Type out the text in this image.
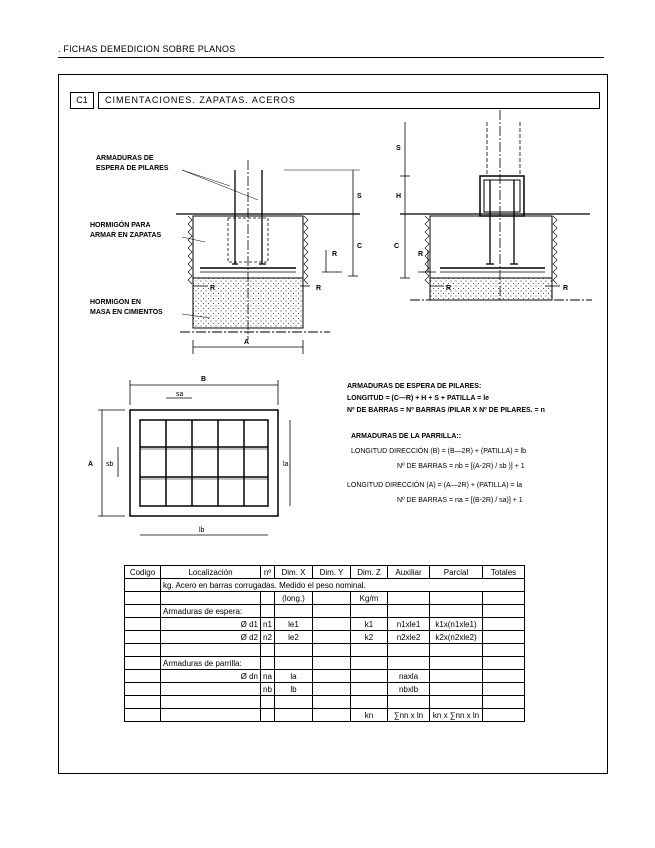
. FICHAS DEMEDICION SOBRE PLANOS
C1	CIMENTACIONES. ZAPATAS. ACEROS
ARMADURAS DE
ESPERA DE PILARES
HORMIGÓN PARA
ARMAR EN ZAPATAS
HORMIGON EN
MASA EN CIMIENTOS
S
C
R
R	R
A
S
H
C
R
R	R
B
sa
A sb	la
lb
ARMADURAS DE ESPERA DE PILARES:
LONGITUD = (C—R) + H + S + PATILLA = le
Nº DE BARRAS = Nº BARRAS /PILAR X Nº DE PILARES. = n
ARMADURAS DE LA PARRILLA::
LONGITUD DIRECCIÓN (B) = (B—2R) + (PATILLA) = lb
Nº DE BARRAS = nb = [(A-2R) / sb )] + 1
LONGITUD DIRECCIÓN (A) = (A—2R) + (PATILLA) = la
Nº DE BARRAS = na = [(B-2R) / sa)] + 1
Codigo	Localización	nº	Dim. X	Dim. Y	Dim. Z	Auxiliar	Parcial	Totales
	kg. Acero en barras corrugadas. Medido el peso nominal.							
			(long.)		Kg/m			
	Armaduras de espera:							
	Ø d1	n1	le1		k1	n1xle1	k1x(n1xle1)	
	Ø d2	n2	le2		k2	n2xle2	k2x(n2xle2)	

	Armaduras de parrilla:							
	Ø dn	na	la			naxla		
		nb	lb			nbxlb		

					kn	∑nn x ln	kn x ∑nn x ln	
